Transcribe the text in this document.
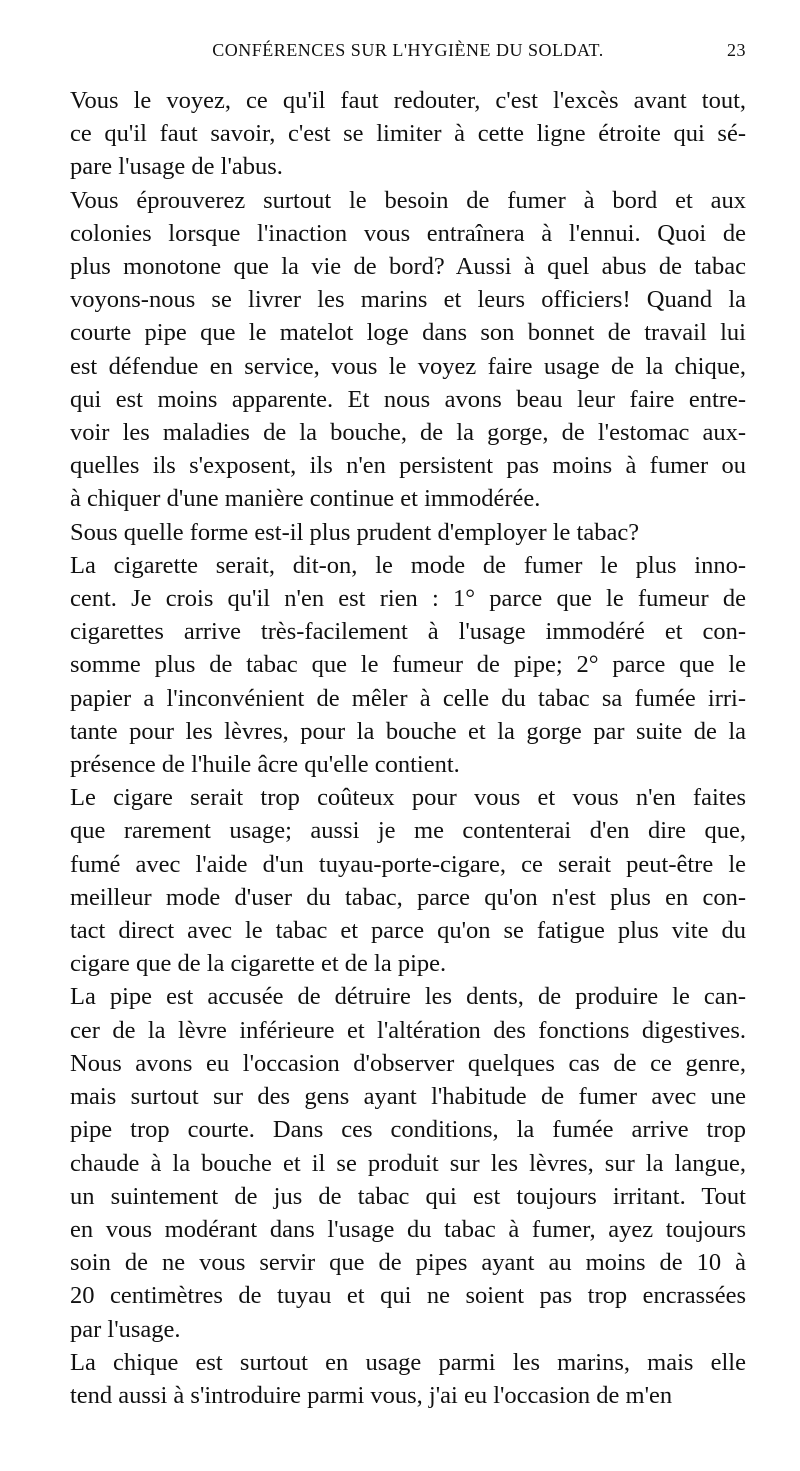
CONFÉRENCES SUR L'HYGIÈNE DU SOLDAT.	23

Vous le voyez, ce qu'il faut redouter, c'est l'excès avant tout,
ce qu'il faut savoir, c'est se limiter à cette ligne étroite qui sé-
pare l'usage de l'abus.

Vous éprouverez surtout le besoin de fumer à bord et aux
colonies lorsque l'inaction vous entraînera à l'ennui. Quoi de
plus monotone que la vie de bord? Aussi à quel abus de tabac
voyons-nous se livrer les marins et leurs officiers! Quand la
courte pipe que le matelot loge dans son bonnet de travail lui
est défendue en service, vous le voyez faire usage de la chique,
qui est moins apparente. Et nous avons beau leur faire entre-
voir les maladies de la bouche, de la gorge, de l'estomac aux-
quelles ils s'exposent, ils n'en persistent pas moins à fumer ou
à chiquer d'une manière continue et immodérée.

Sous quelle forme est-il plus prudent d'employer le tabac?

La cigarette serait, dit-on, le mode de fumer le plus inno-
cent. Je crois qu'il n'en est rien : 1° parce que le fumeur de
cigarettes arrive très-facilement à l'usage immodéré et con-
somme plus de tabac que le fumeur de pipe; 2° parce que le
papier a l'inconvénient de mêler à celle du tabac sa fumée irri-
tante pour les lèvres, pour la bouche et la gorge par suite de la
présence de l'huile âcre qu'elle contient.

Le cigare serait trop coûteux pour vous et vous n'en faites
que rarement usage; aussi je me contenterai d'en dire que,
fumé avec l'aide d'un tuyau-porte-cigare, ce serait peut-être le
meilleur mode d'user du tabac, parce qu'on n'est plus en con-
tact direct avec le tabac et parce qu'on se fatigue plus vite du
cigare que de la cigarette et de la pipe.

La pipe est accusée de détruire les dents, de produire le can-
cer de la lèvre inférieure et l'altération des fonctions digestives.
Nous avons eu l'occasion d'observer quelques cas de ce genre,
mais surtout sur des gens ayant l'habitude de fumer avec une
pipe trop courte. Dans ces conditions, la fumée arrive trop
chaude à la bouche et il se produit sur les lèvres, sur la langue,
un suintement de jus de tabac qui est toujours irritant. Tout
en vous modérant dans l'usage du tabac à fumer, ayez toujours
soin de ne vous servir que de pipes ayant au moins de 10 à
20 centimètres de tuyau et qui ne soient pas trop encrassées
par l'usage.

La chique est surtout en usage parmi les marins, mais elle
tend aussi à s'introduire parmi vous, j'ai eu l'occasion de m'en
